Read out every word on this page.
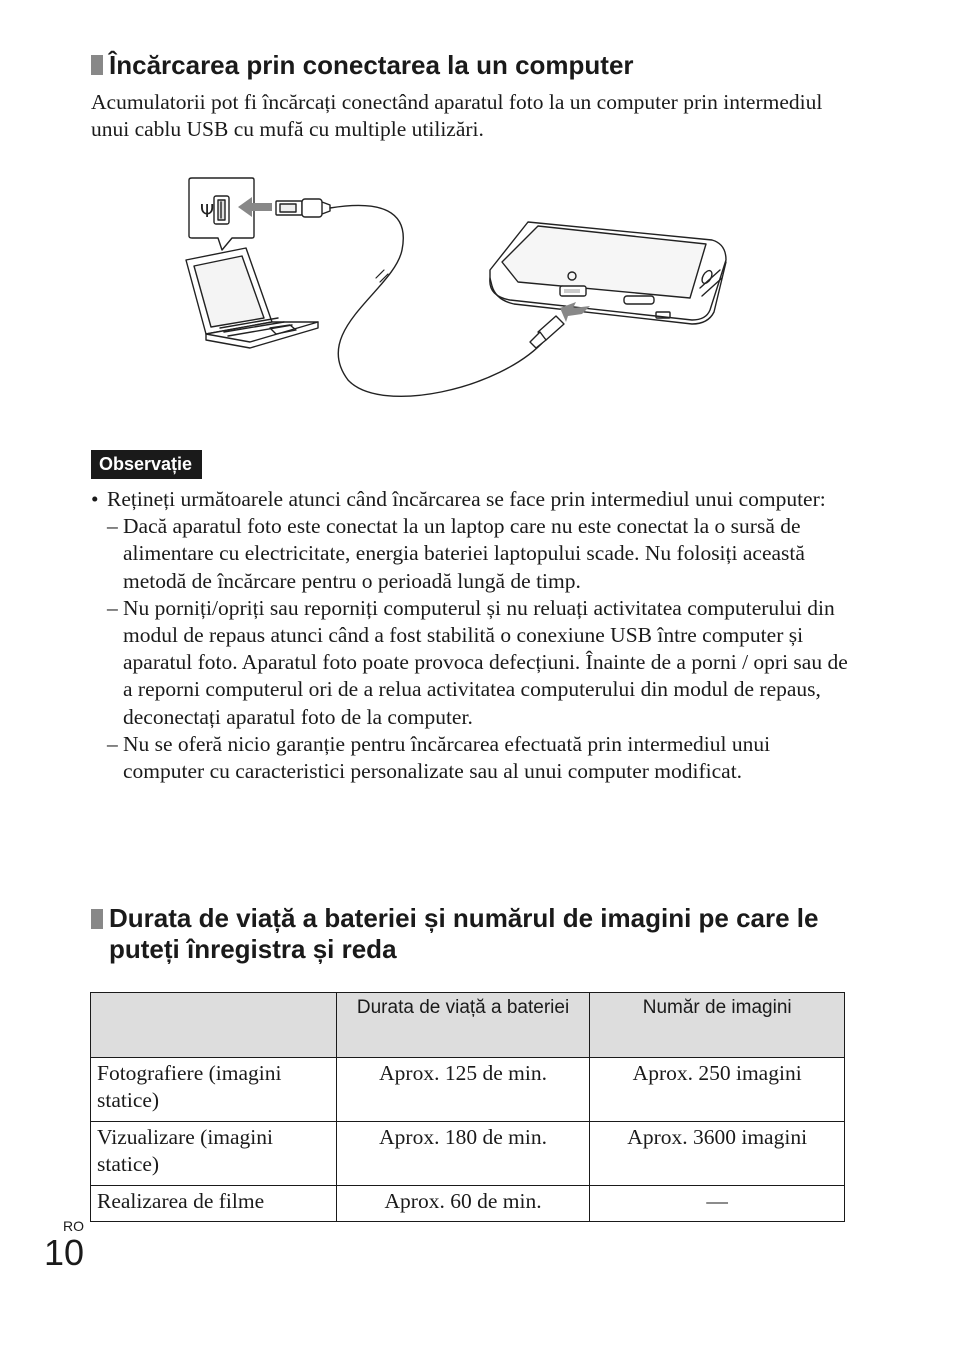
Încărcarea prin conectarea la un computer
Acumulatorii pot fi încărcați conectând aparatul foto la un computer prin intermediul unui cablu USB cu mufă cu multiple utilizări.
Ψ
Observație
• Rețineți următoarele atunci când încărcarea se face prin intermediul unui computer:
– Dacă aparatul foto este conectat la un laptop care nu este conectat la o sursă de alimentare cu electricitate, energia bateriei laptopului scade. Nu folosiți această metodă de încărcare pentru o perioadă lungă de timp.
– Nu porniți/opriți sau reporniți computerul și nu reluați activitatea computerului din modul de repaus atunci când a fost stabilită o conexiune USB între computer și aparatul foto. Aparatul foto poate provoca defecțiuni. Înainte de a porni / opri sau de a reporni computerul ori de a relua activitatea computerului din modul de repaus, deconectați aparatul foto de la computer.
– Nu se oferă nicio garanție pentru încărcarea efectuată prin intermediul unui computer cu caracteristici personalizate sau al unui computer modificat.
Durata de viață a bateriei și numărul de imagini pe care le puteți înregistra și reda
	Durata de viață a bateriei	Număr de imagini
Fotografiere (imagini statice)	Aprox. 125 de min.	Aprox. 250 imagini
Vizualizare (imagini statice)	Aprox. 180 de min.	Aprox. 3600 imagini
Realizarea de filme	Aprox. 60 de min.	—
RO
10
